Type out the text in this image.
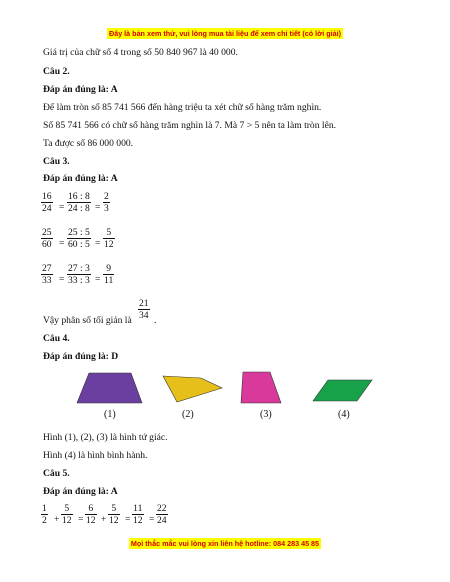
Đây là bản xem thử, vui lòng mua tài liệu để xem chi tiết (có lời giải)
Giá trị của chữ số 4 trong số 50 840 967 là 40 000.
Câu 2.
Đáp án đúng là: A
Để làm tròn số 85 741 566 đến hàng triệu ta xét chữ số hàng trăm nghìn.
Số 85 741 566 có chữ số hàng trăm nghìn là 7. Mà 7 > 5 nên ta làm tròn lên.
Ta được số 86 000 000.
Câu 3.
Đáp án đúng là: A
$\frac{16}{24} = \frac{16 : 8}{24 : 8} = \frac{2}{3}$
$\frac{25}{60} = \frac{25 : 5}{60 : 5} = \frac{5}{12}$
$\frac{27}{33} = \frac{27 : 3}{33 : 3} = \frac{9}{11}$
Vậy phân số tối giản là $\frac{21}{34}$ .
Câu 4.
Đáp án đúng là: D
(1)	(2)	(3)	(4)
Hình (1), (2), (3) là hình tứ giác.
Hình (4) là hình bình hành.
Câu 5.
Đáp án đúng là: A
$\frac{1}{2} + \frac{5}{12} = \frac{6}{12} + \frac{5}{12} = \frac{11}{12} = \frac{22}{24}$
Mọi thắc mắc vui lòng xin liên hệ hotline: 084 283 45 85
